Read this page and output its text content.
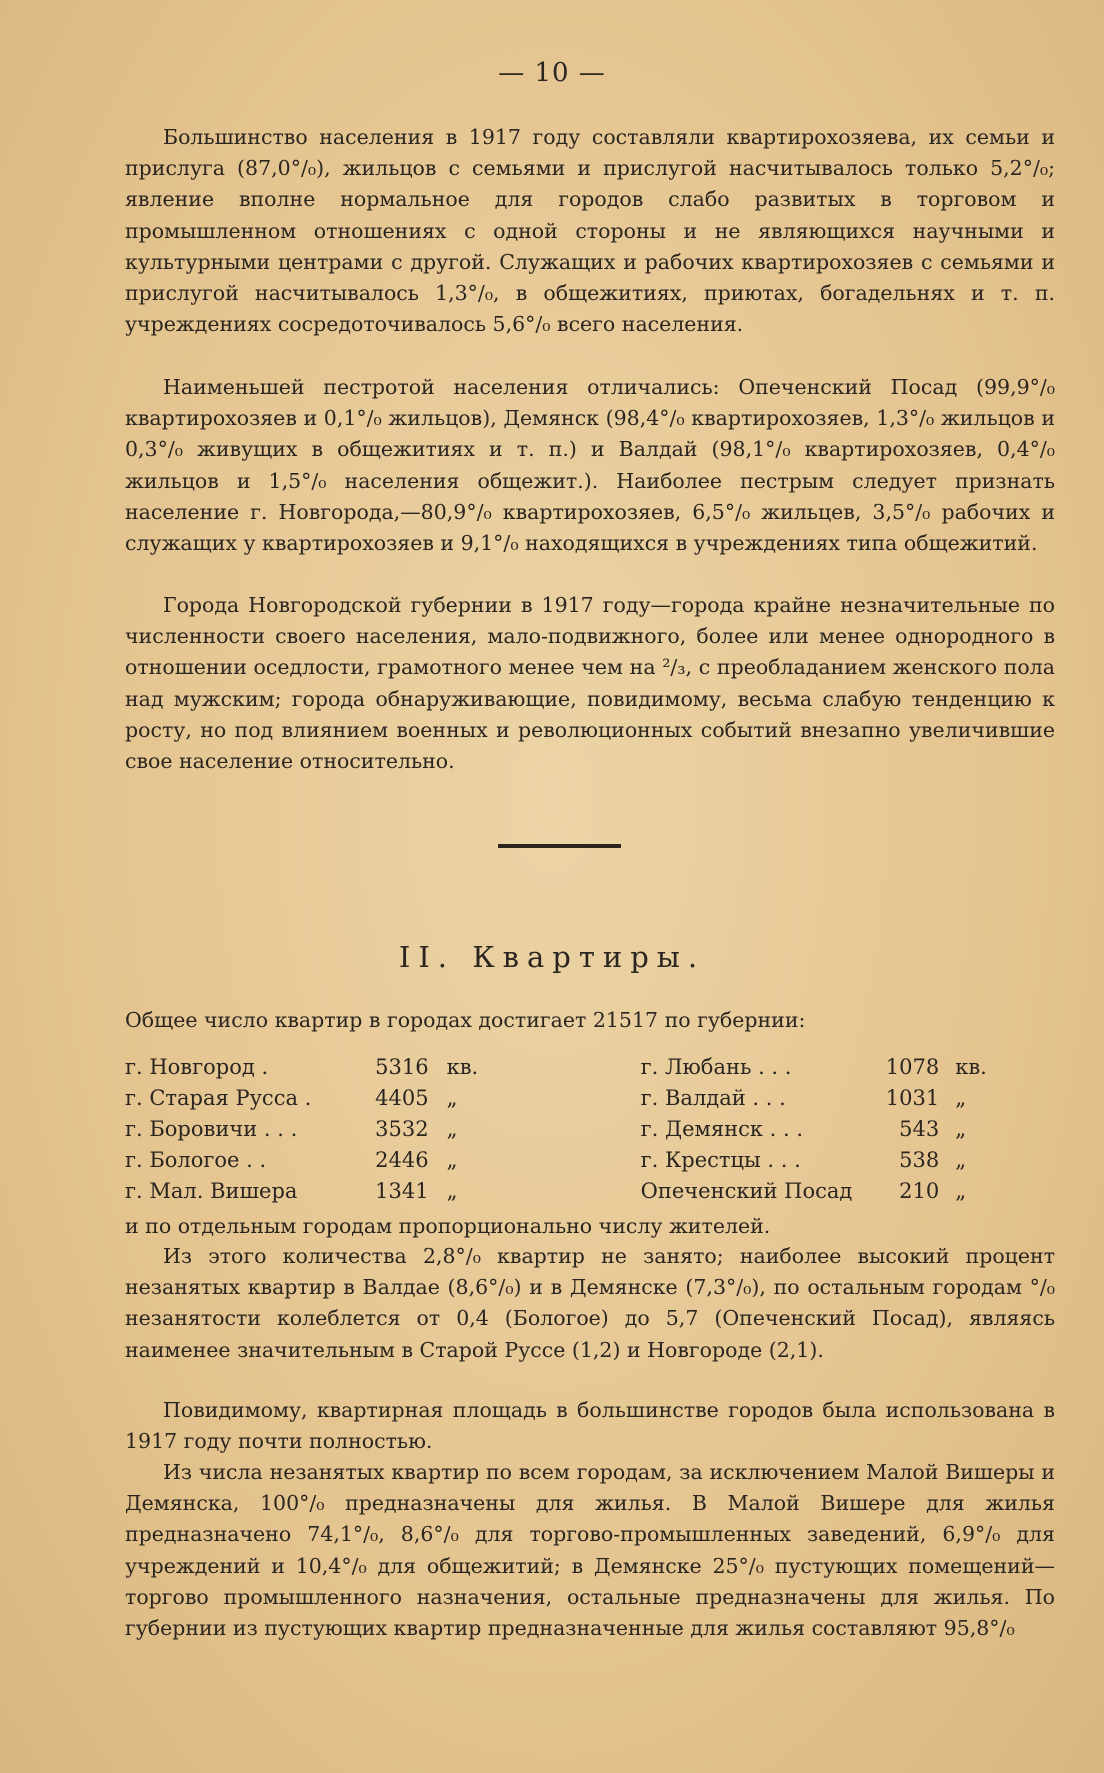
— 10 —

Большинство населения в 1917 году составляли квартирохозяева, их семьи и прислуга (87,0°/₀), жильцов с семьями и прислугой насчитывалось только 5,2°/₀; явление вполне нормальное для городов слабо развитых в торговом и промышленном отношениях с одной стороны и не являющихся научными и культурными центрами с другой. Служащих и рабочих квартирохозяев с семьями и прислугой насчитывалось 1,3°/₀, в общежитиях, приютах, богадельнях и т. п. учреждениях сосредоточивалось 5,6°/₀ всего населения.

Наименьшей пестротой населения отличались: Опеченский Посад (99,9°/₀ квартирохозяев и 0,1°/₀ жильцов), Демянск (98,4°/₀ квартирохозяев, 1,3°/₀ жильцов и 0,3°/₀ живущих в общежитиях и т. п.) и Валдай (98,1°/₀ квартирохозяев, 0,4°/₀ жильцов и 1,5°/₀ населения общежит.). Наиболее пестрым следует признать население г. Новгорода,—80,9°/₀ квартирохозяев, 6,5°/₀ жильцев, 3,5°/₀ рабочих и служащих у квартирохозяев и 9,1°/₀ находящихся в учреждениях типа общежитий.

Города Новгородской губернии в 1917 году—города крайне незначительные по численности своего населения, мало-подвижного, более или менее однородного в отношении оседлости, грамотного менее чем на ²/₃, с преобладанием женского пола над мужским; города обнаруживающие, повидимому, весьма слабую тенденцию к росту, но под влиянием военных и революционных событий внезапно увеличившие свое население относительно.

II. Квартиры.

Общее число квартир в городах достигает 21517 по губернии:

г. Новгород .	5316 кв.	г. Любань . . .	1078 кв.
г. Старая Русса .	4405 „	г. Валдай . . .	1031 „
г. Боровичи . . .	3532 „	г. Демянск . . .	543 „
г. Бологое . .	2446 „	г. Крестцы . . .	538 „
г. Мал. Вишера	1341 „	Опеченский Посад	210 „

и по отдельным городам пропорционально числу жителей.

Из этого количества 2,8°/₀ квартир не занято; наиболее высокий процент незанятых квартир в Валдае (8,6°/₀) и в Демянске (7,3°/₀), по остальным городам °/₀ незанятости колеблется от 0,4 (Бологое) до 5,7 (Опеченский Посад), являясь наименее значительным в Старой Руссе (1,2) и Новгороде (2,1).

Повидимому, квартирная площадь в большинстве городов была использована в 1917 году почти полностью.

Из числа незанятых квартир по всем городам, за исключением Малой Вишеры и Демянска, 100°/₀ предназначены для жилья. В Малой Вишере для жилья предназначено 74,1°/₀, 8,6°/₀ для торгово-промышленных заведений, 6,9°/₀ для учреждений и 10,4°/₀ для общежитий; в Демянске 25°/₀ пустующих помещений—торгово промышленного назначения, остальные предназначены для жилья. По губернии из пустующих квартир предназначенные для жилья составляют 95,8°/₀
